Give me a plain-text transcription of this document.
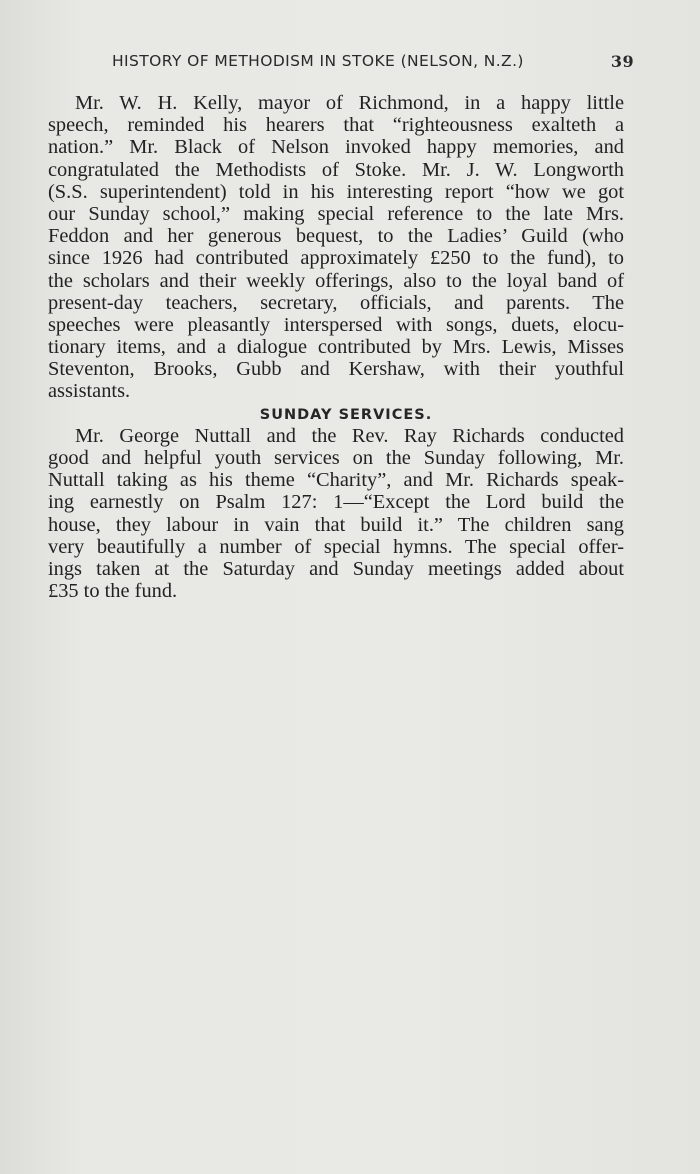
HISTORY OF METHODISM IN STOKE (NELSON, N.Z.)	39
Mr. W. H. Kelly, mayor of Richmond, in a happy little
speech, reminded his hearers that “righteousness exalteth a
nation.” Mr. Black of Nelson invoked happy memories, and
congratulated the Methodists of Stoke. Mr. J. W. Longworth
(S.S. superintendent) told in his interesting report “how we got
our Sunday school,” making special reference to the late Mrs.
Feddon and her generous bequest, to the Ladies’ Guild (who
since 1926 had contributed approximately £250 to the fund), to
the scholars and their weekly offerings, also to the loyal band of
present-day teachers, secretary, officials, and parents. The
speeches were pleasantly interspersed with songs, duets, elocu-
tionary items, and a dialogue contributed by Mrs. Lewis, Misses
Steventon, Brooks, Gubb and Kershaw, with their youthful
assistants.
SUNDAY SERVICES.
Mr. George Nuttall and the Rev. Ray Richards conducted
good and helpful youth services on the Sunday following, Mr.
Nuttall taking as his theme “Charity”, and Mr. Richards speak-
ing earnestly on Psalm 127: 1—“Except the Lord build the
house, they labour in vain that build it.” The children sang
very beautifully a number of special hymns. The special offer-
ings taken at the Saturday and Sunday meetings added about
£35 to the fund.
